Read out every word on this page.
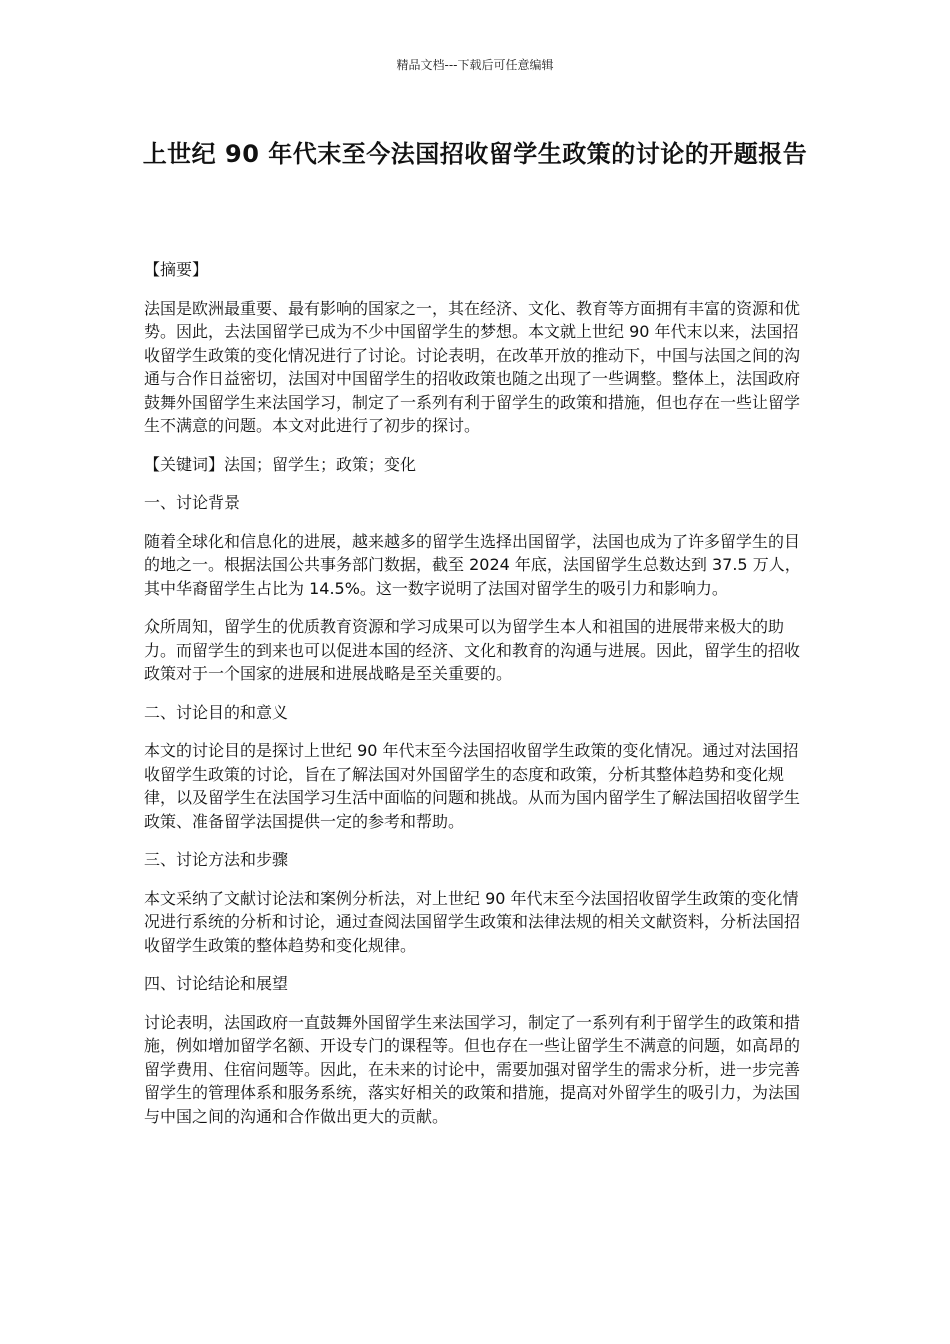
精品文档---下载后可任意编辑
上世纪 90 年代末至今法国招收留学生政策的讨论的开题报告

【摘要】

法国是欧洲最重要、最有影响的国家之一，其在经济、文化、教育等方面拥有丰富的资源和优势。因此，去法国留学已成为不少中国留学生的梦想。本文就上世纪 90 年代末以来，法国招收留学生政策的变化情况进行了讨论。讨论表明，在改革开放的推动下，中国与法国之间的沟通与合作日益密切，法国对中国留学生的招收政策也随之出现了一些调整。整体上，法国政府鼓舞外国留学生来法国学习，制定了一系列有利于留学生的政策和措施，但也存在一些让留学生不满意的问题。本文对此进行了初步的探讨。

【关键词】法国；留学生；政策；变化

一、讨论背景

随着全球化和信息化的进展，越来越多的留学生选择出国留学，法国也成为了许多留学生的目的地之一。根据法国公共事务部门数据，截至 2024 年底，法国留学生总数达到 37.5 万人，其中华裔留学生占比为 14.5%。这一数字说明了法国对留学生的吸引力和影响力。

众所周知，留学生的优质教育资源和学习成果可以为留学生本人和祖国的进展带来极大的助力。而留学生的到来也可以促进本国的经济、文化和教育的沟通与进展。因此，留学生的招收政策对于一个国家的进展和进展战略是至关重要的。

二、讨论目的和意义

本文的讨论目的是探讨上世纪 90 年代末至今法国招收留学生政策的变化情况。通过对法国招收留学生政策的讨论，旨在了解法国对外国留学生的态度和政策，分析其整体趋势和变化规律，以及留学生在法国学习生活中面临的问题和挑战。从而为国内留学生了解法国招收留学生政策、准备留学法国提供一定的参考和帮助。

三、讨论方法和步骤

本文采纳了文献讨论法和案例分析法，对上世纪 90 年代末至今法国招收留学生政策的变化情况进行系统的分析和讨论，通过查阅法国留学生政策和法律法规的相关文献资料，分析法国招收留学生政策的整体趋势和变化规律。

四、讨论结论和展望

讨论表明，法国政府一直鼓舞外国留学生来法国学习，制定了一系列有利于留学生的政策和措施，例如增加留学名额、开设专门的课程等。但也存在一些让留学生不满意的问题，如高昂的留学费用、住宿问题等。因此，在未来的讨论中，需要加强对留学生的需求分析，进一步完善留学生的管理体系和服务系统，落实好相关的政策和措施，提高对外留学生的吸引力，为法国与中国之间的沟通和合作做出更大的贡献。
